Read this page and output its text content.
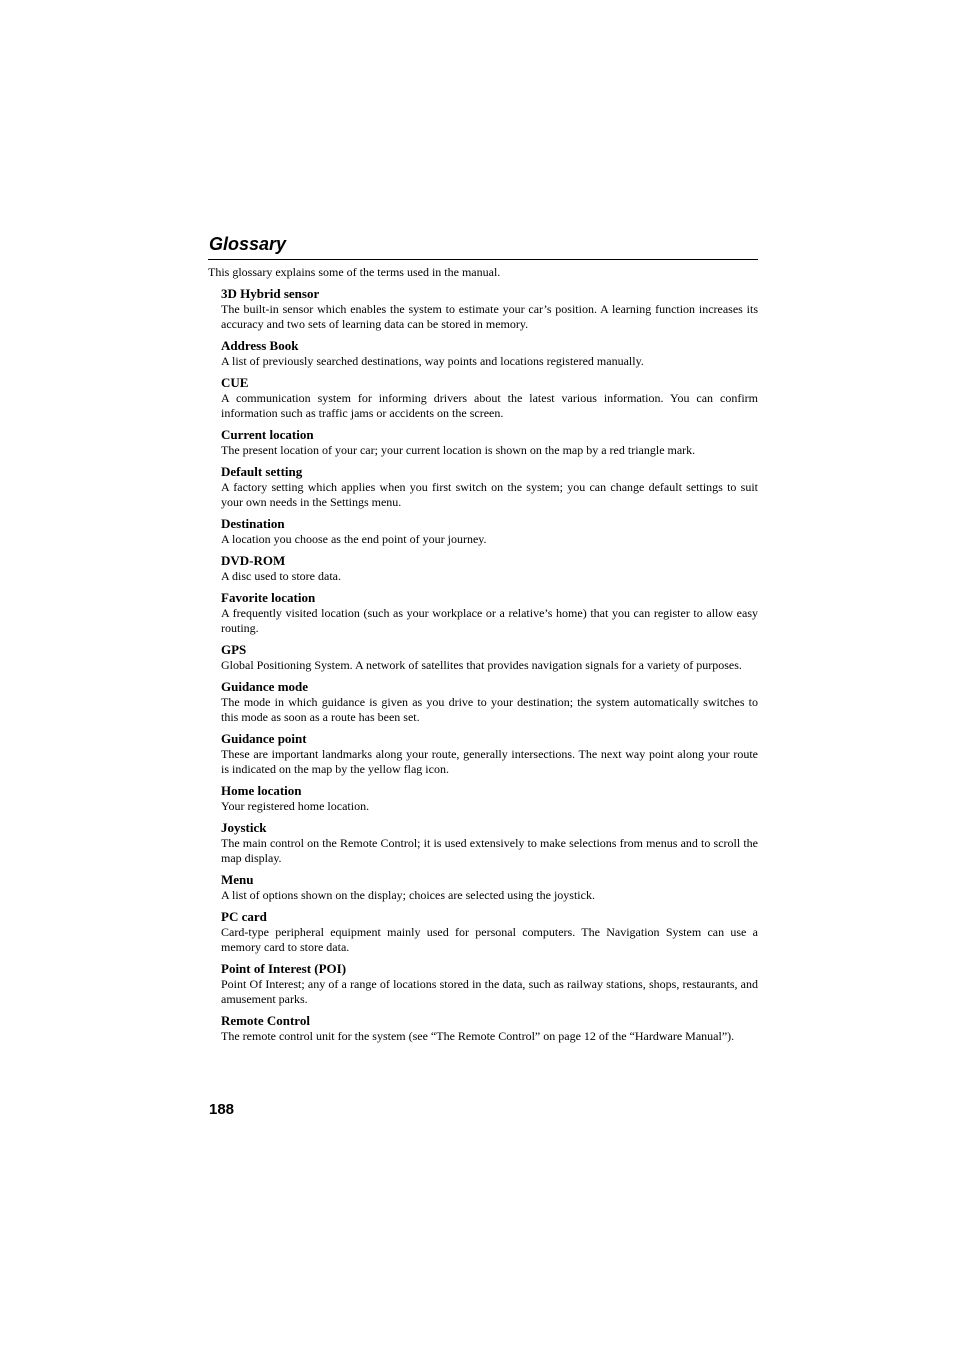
Glossary

This glossary explains some of the terms used in the manual.

3D Hybrid sensor
The built-in sensor which enables the system to estimate your car’s position. A learning function increases its accuracy and two sets of learning data can be stored in memory.
Address Book
A list of previously searched destinations, way points and locations registered manually.
CUE
A communication system for informing drivers about the latest various information. You can confirm information such as traffic jams or accidents on the screen.
Current location
The present location of your car; your current location is shown on the map by a red triangle mark.
Default setting
A factory setting which applies when you first switch on the system; you can change default settings to suit your own needs in the Settings menu.
Destination
A location you choose as the end point of your journey.
DVD-ROM
A disc used to store data.
Favorite location
A frequently visited location (such as your workplace or a relative’s home) that you can register to allow easy routing.
GPS
Global Positioning System. A network of satellites that provides navigation signals for a variety of purposes.
Guidance mode
The mode in which guidance is given as you drive to your destination; the system automatically switches to this mode as soon as a route has been set.
Guidance point
These are important landmarks along your route, generally intersections. The next way point along your route is indicated on the map by the yellow flag icon.
Home location
Your registered home location.
Joystick
The main control on the Remote Control; it is used extensively to make selections from menus and to scroll the map display.
Menu
A list of options shown on the display; choices are selected using the joystick.
PC card
Card-type peripheral equipment mainly used for personal computers. The Navigation System can use a memory card to store data.
Point of Interest (POI)
Point Of Interest; any of a range of locations stored in the data, such as railway stations, shops, restaurants, and amusement parks.
Remote Control
The remote control unit for the system (see “The Remote Control” on page 12 of the “Hardware Manual”).
188
